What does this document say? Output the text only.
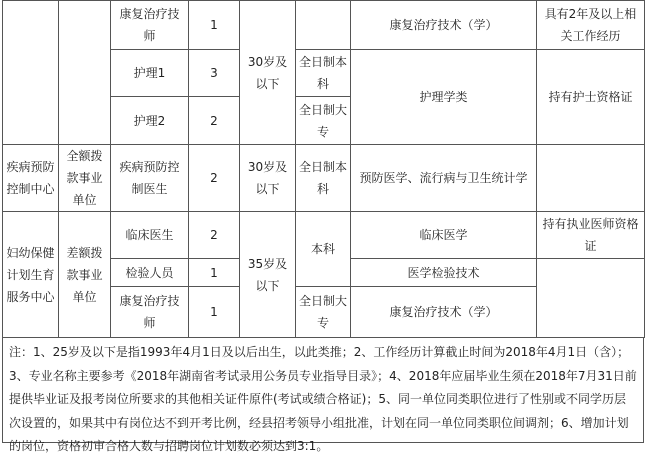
		康复治疗技师	1	30岁及以下		康复治疗技术（学）	具有2年及以上相关工作经历
		护理1	3		全日制本科	护理学类	持有护士资格证
		护理2	2		全日制大专		
疾病预防控制中心	全额拨款事业单位	疾病预防控制医生	2	30岁及以下	全日制本科	预防医学、流行病与卫生统计学	
妇幼保健计划生育服务中心	差额拨款事业单位	临床医生	2	35岁及以下	本科	临床医学	持有执业医师资格证
		检验人员	1			医学检验技术	
		康复治疗技师	1		全日制大专	康复治疗技术（学）	
注：1、25岁及以下是指1993年4月1日及以后出生，以此类推；2、工作经历计算截止时间为2018年4月1日（含）；3、专业名称主要参考《2018年湖南省考试录用公务员专业指导目录》；4、2018年应届毕业生须在2018年7月31日前提供毕业证及报考岗位所要求的其他相关证件原件(考试或绩合格证)；5、同一单位同类职位进行了性别或不同学历层次设置的，如果其中有岗位达不到开考比例，经县招考领导小组批准，计划在同一单位同类职位间调剂；6、增加计划的岗位，资格初审合格人数与招聘岗位计划数必须达到3:1。
